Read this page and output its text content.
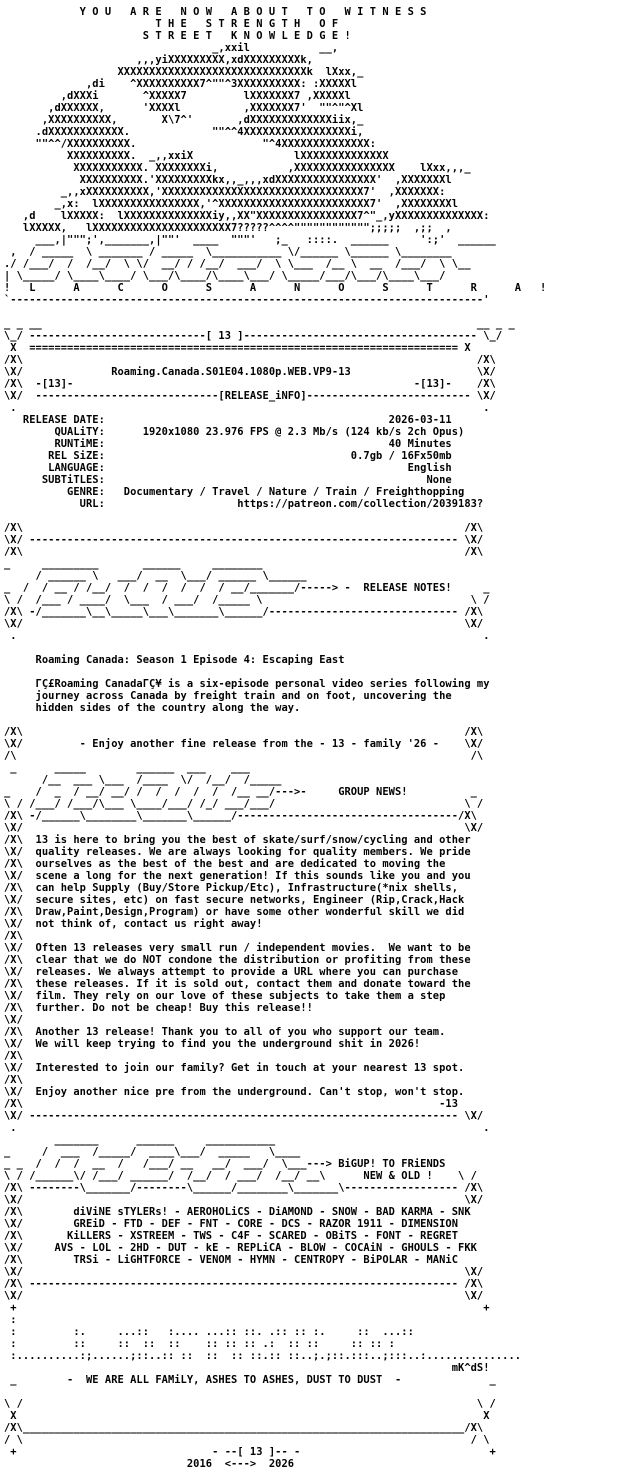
Y O U   A R E   N O W   A B O U T   T O   W I T N E S S
T H E   S T R E N G T H   O F
S T R E E T   K N O W L E D G E !
_,xxil           __,
,,,yiXXXXXXXXX,xdXXXXXXXXXk,
XXXXXXXXXXXXXXXXXXXXXXXXXXXXXXk  lXxx,_
,di    ^XXXXXXXXXX7^""^3XXXXXXXXXX: :XXXXXl
,dXXXi       ^XXXXX7         lXXXXXXX7 ,XXXXXl
,dXXXXXX,      'XXXXl          ,XXXXXXX7'  ""^"^Xl
,XXXXXXXXXX,       X\7^'       ,dXXXXXXXXXXXXXiix,_
.dXXXXXXXXXXXX.             ""^^4XXXXXXXXXXXXXXXXXi,
""^^/XXXXXXXXXX.                    "^4XXXXXXXXXXXXXX:
XXXXXXXXXX.  _,,xxiX                lXXXXXXXXXXXXXX
XXXXXXXXXXX. XXXXXXXXi,           ,XXXXXXXXXXXXXXXX    lXxx,,,_
XXXXXXXXXX.'XXXXXXXXXkx,,_,,,xdXXXXXXXXXXXXXXXX'  ,XXXXXXXl
_,,xXXXXXXXXXX,'XXXXXXXXXXXXXXXXXXXXXXXXXXXXXXXX7'  ,XXXXXXX:
_,x:  lXXXXXXXXXXXXXXXX,'^XXXXXXXXXXXXXXXXXXXXXXXX7'  ,XXXXXXXXl
,d    lXXXXX:  lXXXXXXXXXXXXXXiy,,XX"XXXXXXXXXXXXXXXX7^"_,yXXXXXXXXXXXXXX:
lXXXXX,   lXXXXXXXXXXXXXXXXXXXXXX7?????^^^^"""""""""""";;;;;  ,;;  ,
___,|""";',_______,|""'  ____  """'   ;_   ::::.  ______     ':;'  ______
,  / _____  \ _______ / _____  \___________ \/______ \______ \________
./ /___/  /  /__/  \ \/  __/ / /__/  ___/  \ \___  /__ \  __  /___/  \ \__
| \_____/ \____\____/ \___/\____/\____\___/ \_____/___/\___/\____\___/
!   L      A      C      O      S      A      N      O      S      T      R      A   !
`---------------------------------------------------------------------------'

_ _ __                                                                     __ _ _
\_/ ----------------------------[ 13 ]------------------------------------- \_/
X  ==================================================================== X
/X\                                                                        /X\
\X/              Roaming.Canada.S01E04.1080p.WEB.VP9-13                    \X/
/X\  -[13]-                                                      -[13]-    /X\
\X/  -----------------------------[RELEASE_iNFO]-------------------------- \X/
.                                                                          .
RELEASE DATE:                                             2026-03-11
QUALiTY:      1920x1080 23.976 FPS @ 2.3 Mb/s (124 kb/s 2ch Opus)
RUNTiME:                                             40 Minutes
REL SiZE:                                       0.7gb / 16Fx50mb
LANGUAGE:                                                English
SUBTiTLES:                                                   None
GENRE:   Documentary / Travel / Nature / Train / Freighthopping
URL:                     https://patreon.com/collection/2039183?

/X\                                                                      /X\
\X/ -------------------------------------------------------------------- \X/
/X\                                                                      /X\
_     _________       ______     ________
/ ______ \   ___/  __  \___/ ______ \______
_  /  / __ / /__/  /  /  /  /  /  / __/_______/-----> -  RELEASE NOTES!     _
\ /  /___ / ____/  \___  / ___/  /_____ \                                 \ /
/X\ -/_______\__\_____\___\_______\______/------------------------------ /X\
\X/                                                                      \X/
.                                                                          .

Roaming Canada: Season 1 Episode 4: Escaping East

ΓÇ£Roaming CanadaΓÇ¥ is a six-episode personal video series following my
journey across Canada by freight train and on foot, uncovering the
hidden sides of the country along the way.

/X\                                                                      /X\
\X/         - Enjoy another fine release from the - 13 - family '26 -    \X/
/\                                                                        /\
_      _____        ______  ___    ___
/__  ___ \___  /____  \/  /__/  /_____
_    /  _  / __/ __/ /  /  /  /  /  /__ __/--->-     GROUP NEWS!          _
\ / /___/ /___/\___ \____/___/ /_/ ___/___/                              \ /
/X\ -/______\________\_______\______/-----------------------------------/X\
\X/                                                                      \X/
/X\  13 is here to bring you the best of skate/surf/snow/cycling and other
\X/  quality releases. We are always looking for quality members. We pride
/X\  ourselves as the best of the best and are dedicated to moving the
\X/  scene a long for the next generation! If this sounds like you and you
/X\  can help Supply (Buy/Store Pickup/Etc), Infrastructure(*nix shells,
\X/  secure sites, etc) on fast secure networks, Engineer (Rip,Crack,Hack
/X\  Draw,Paint,Design,Program) or have some other wonderful skill we did
\X/  not think of, contact us right away!
/X\
\X/  Often 13 releases very small run / independent movies.  We want to be
/X\  clear that we do NOT condone the distribution or profiting from these
\X/  releases. We always attempt to provide a URL where you can purchase
/X\  these releases. If it is sold out, contact them and donate toward the
\X/  film. They rely on our love of these subjects to take them a step
/X\  further. Do not be cheap! Buy this release!!
\X/
/X\  Another 13 release! Thank you to all of you who support our team.
\X/  We will keep trying to find you the underground shit in 2026!
/X\
\X/  Interested to join our family? Get in touch at your nearest 13 spot.
/X\
\X/  Enjoy another nice pre from the underground. Can't stop, won't stop.
/X\                                                                  -13
\X/ -------------------------------------------------------------------- \X/
.                                                                          .
_______      ______     ___________
_     /  ___  /_____/  ____\___/  _____   \____
_ _  /  /  /  __  /   /___/ __   __/  ___/  \___---> BiGUP! TO FRiENDS
\ / /______\/ /___/ ______/  /__/  / ___/  /__/ __\      NEW & OLD !    \ /
/X\ --------\_______/--------\______/________\_______\------------------ /X\
\X/                                                                      \X/
/X\        diViNE sTYLERs! - AEROHOLiCS - DiAMOND - SNOW - BAD KARMA - SNK
\X/        GREiD - FTD - DEF - FNT - CORE - DCS - RAZOR 1911 - DIMENSION
/X\       KiLLERS - XSTREEM - TWS - C4F - SCARED - OBiTS - FONT - REGRET
\X/     AVS - LOL - 2HD - DUT - kE - REPLiCA - BLOW - COCAiN - GHOULS - FKK
/X\        TRSi - LiGHTFORCE - VENOM - HYMN - CENTROPY - BiPOLAR - MANiC
\X/                                                                      \X/
/X\ -------------------------------------------------------------------- /X\
\X/                                                                      \X/
+                                                                          +
:
:         :.     ...::   :.... ...:: ::. .:: :: :.     ::  ...::
:         ::     ::  ::  ::    :: :: :: .:  :: ::     :: :: :
:..........:;......;::..:: ::  ::  :: ::.:: ::..;.;::.:::..;:::..:...............
mK^dS!
_        -  WE ARE ALL FAMiLY, ASHES TO ASHES, DUST TO DUST  -              _

\ /                                                                        \ /
X                                                                          X
/X\______________________________________________________________________/X\
/ \                                                                       / \
+                               - --[ 13 ]-- -                              +
2016  <--->  2026
